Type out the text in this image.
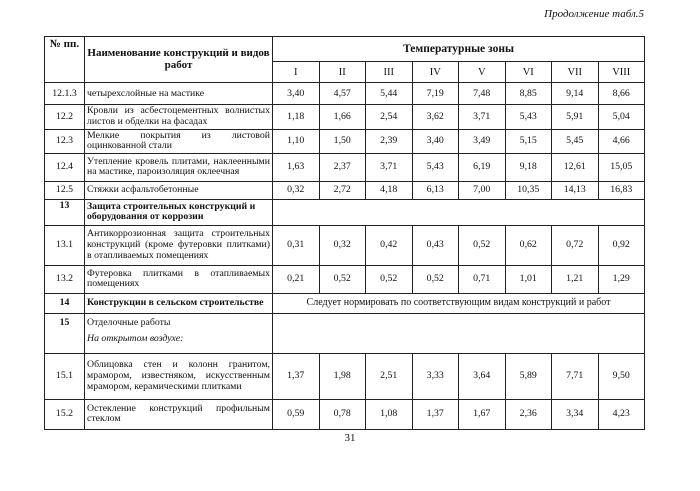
Продолжение табл.5
№ пп.	Наименование конструкций и видов работ	Температурные зоны							
		I	II	III	IV	V	VI	VII	VIII
12.1.3	четырехслойные на мастике	3,40	4,57	5,44	7,19	7,48	8,85	9,14	8,66
12.2	Кровли из асбестоцементных волнистых листов и обделки на фасадах	1,18	1,66	2,54	3,62	3,71	5,43	5,91	5,04
12.3	Мелкие покрытия из листовой оцинкованной стали	1,10	1,50	2,39	3,40	3,49	5,15	5,45	4,66
12.4	Утепление кровель плитами, наклеенными на мастике, пароизоляция оклеечная	1,63	2,37	3,71	5,43	6,19	9,18	12,61	15,05
12.5	Стяжки асфальтобетонные	0,32	2,72	4,18	6,13	7,00	10,35	14,13	16,83
13	Защита строительных конструкций и оборудования от коррозии								
13.1	Антикоррозионная защита строительных конструкций (кроме футеровки плитками) в отапливаемых помещениях	0,31	0,32	0,42	0,43	0,52	0,62	0,72	0,92
13.2	Футеровка плитками в отапливаемых помещениях	0,21	0,52	0,52	0,52	0,71	1,01	1,21	1,29
14	Конструкции в сельском строительстве	Следует нормировать по соответствующим видам конструкций и работ							
15	Отделочные работы
На открытом воздухе:								

15.1	Облицовка стен и колонн гранитом, мрамором, известняком, искусственным мрамором, керамическими плитками	1,37	1,98	2,51	3,33	3,64	5,89	7,71	9,50
15.2	Остекление конструкций профильным стеклом	0,59	0,78	1,08	1,37	1,67	2,36	3,34	4,23
31
